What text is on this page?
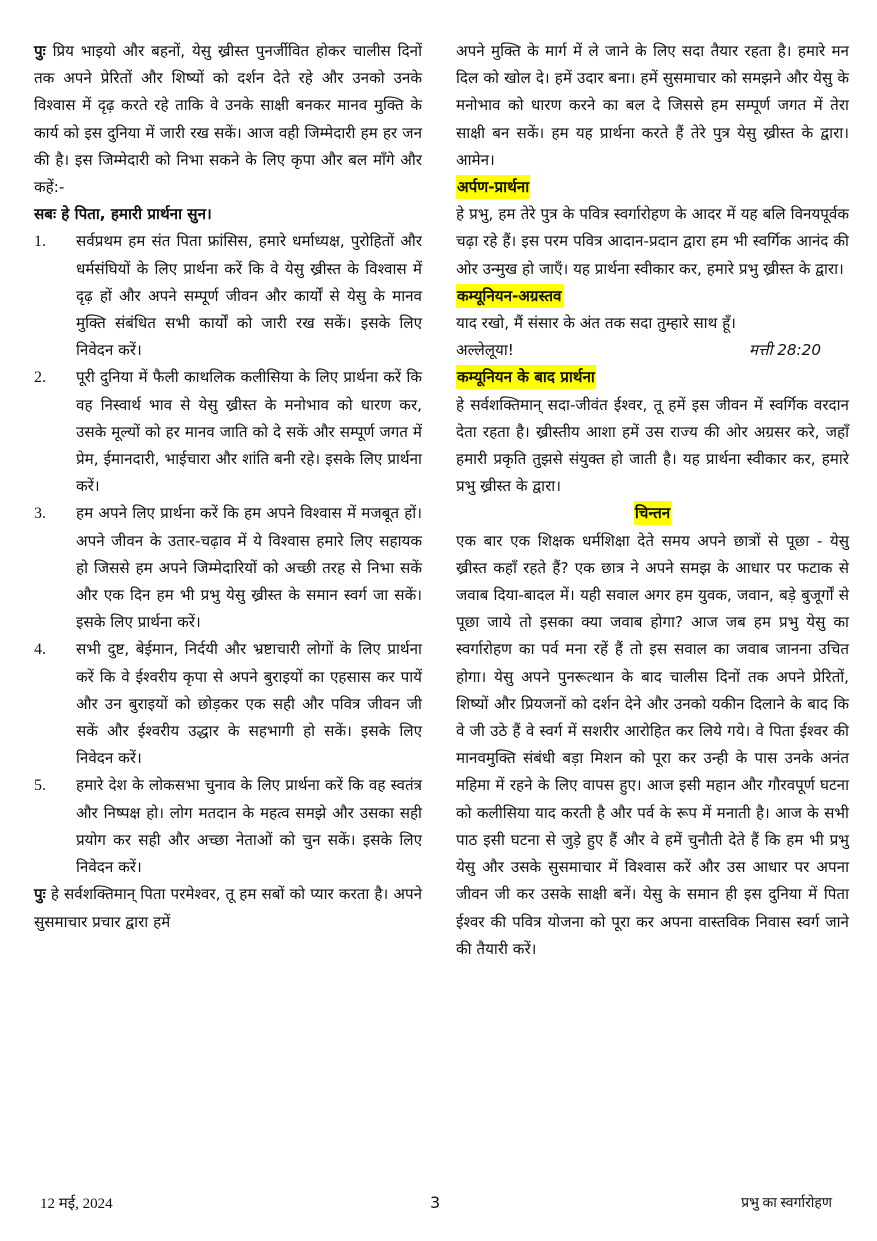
पुः प्रिय भाइयो और बहनों, येसु ख्रीस्त पुनर्जीवित होकर चालीस दिनों तक अपने प्रेरितों और शिष्यों को दर्शन देते रहे और उनको उनके विश्वास में दृढ़ करते रहे ताकि वे उनके साक्षी बनकर मानव मुक्ति के कार्य को इस दुनिया में जारी रख सकें। आज वही जिम्मेदारी हम हर जन की है। इस जिम्मेदारी को निभा सकने के लिए कृपा और बल माँगे और कहें:-

सबः हे पिता, हमारी प्रार्थना सुन।

1. सर्वप्रथम हम संत पिता फ्रांसिस, हमारे धर्माध्यक्ष, पुरोहितों और धर्मसंघियों के लिए प्रार्थना करें कि वे येसु ख्रीस्त के विश्वास में दृढ़ हों और अपने सम्पूर्ण जीवन और कार्यों से येसु के मानव मुक्ति संबंधित सभी कार्यों को जारी रख सकें। इसके लिए निवेदन करें।
2. पूरी दुनिया में फैली काथलिक कलीसिया के लिए प्रार्थना करें कि वह निस्वार्थ भाव से येसु ख्रीस्त के मनोभाव को धारण कर, उसके मूल्यों को हर मानव जाति को दे सकें और सम्पूर्ण जगत में प्रेम, ईमानदारी, भाईचारा और शांति बनी रहे। इसके लिए प्रार्थना करें।
3. हम अपने लिए प्रार्थना करें कि हम अपने विश्वास में मजबूत हों। अपने जीवन के उतार-चढ़ाव में ये विश्वास हमारे लिए सहायक हो जिससे हम अपने जिम्मेदारियों को अच्छी तरह से निभा सकें और एक दिन हम भी प्रभु येसु ख्रीस्त के समान स्वर्ग जा सकें। इसके लिए प्रार्थना करें।
4. सभी दुष्ट, बेईमान, निर्दयी और भ्रष्टाचारी लोगों के लिए प्रार्थना करें कि वे ईश्वरीय कृपा से अपने बुराइयों का एहसास कर पायें और उन बुराइयों को छोड़कर एक सही और पवित्र जीवन जी सकें और ईश्वरीय उद्धार के सहभागी हो सकें। इसके लिए निवेदन करें।
5. हमारे देश के लोकसभा चुनाव के लिए प्रार्थना करें कि वह स्वतंत्र और निष्पक्ष हो। लोग मतदान के महत्व समझे और उसका सही प्रयोग कर सही और अच्छा नेताओं को चुन सकें। इसके लिए निवेदन करें।

पुः हे सर्वशक्तिमान् पिता परमेश्वर, तू हम सबों को प्यार करता है। अपने सुसमाचार प्रचार द्वारा हमें

अपने मुक्ति के मार्ग में ले जाने के लिए सदा तैयार रहता है। हमारे मन दिल को खोल दे। हमें उदार बना। हमें सुसमाचार को समझने और येसु के मनोभाव को धारण करने का बल दे जिससे हम सम्पूर्ण जगत में तेरा साक्षी बन सकें। हम यह प्रार्थना करते हैं तेरे पुत्र येसु ख्रीस्त के द्वारा। आमेन।

अर्पण-प्रार्थना

हे प्रभु, हम तेरे पुत्र के पवित्र स्वर्गारोहण के आदर में यह बलि विनयपूर्वक चढ़ा रहे हैं। इस परम पवित्र आदान-प्रदान द्वारा हम भी स्वर्गिक आनंद की ओर उन्मुख हो जाएँ। यह प्रार्थना स्वीकार कर, हमारे प्रभु ख्रीस्त के द्वारा।

कम्यूनियन-अग्रस्तव

याद रखो, मैं संसार के अंत तक सदा तुम्हारे साथ हूँ।

अल्लेलूया!	मत्ती 28:20
कम्यूनियन के बाद प्रार्थना

हे सर्वशक्तिमान् सदा-जीवंत ईश्वर, तू हमें इस जीवन में स्वर्गिक वरदान देता रहता है। ख्रीस्तीय आशा हमें उस राज्य की ओर अग्रसर करे, जहाँ हमारी प्रकृति तुझसे संयुक्त हो जाती है। यह प्रार्थना स्वीकार कर, हमारे प्रभु ख्रीस्त के द्वारा।

चिन्तन

एक बार एक शिक्षक धर्मशिक्षा देते समय अपने छात्रों से पूछा - येसु ख्रीस्त कहाँ रहते हैं? एक छात्र ने अपने समझ के आधार पर फटाक से जवाब दिया-बादल में। यही सवाल अगर हम युवक, जवान, बड़े बुजूर्गों से पूछा जाये तो इसका क्या जवाब होगा? आज जब हम प्रभु येसु का स्वर्गारोहण का पर्व मना रहें हैं तो इस सवाल का जवाब जानना उचित होगा। येसु अपने पुनरूत्थान के बाद चालीस दिनों तक अपने प्रेरितों, शिष्यों और प्रियजनों को दर्शन देने और उनको यकीन दिलाने के बाद कि वे जी उठे हैं वे स्वर्ग में सशरीर आरोहित कर लिये गये। वे पिता ईश्वर की मानवमुक्ति संबंधी बड़ा मिशन को पूरा कर उन्ही के पास उनके अनंत महिमा में रहने के लिए वापस हुए। आज इसी महान और गौरवपूर्ण घटना को कलीसिया याद करती है और पर्व के रूप में मनाती है। आज के सभी पाठ इसी घटना से जुड़े हुए हैं और वे हमें चुनौती देते हैं कि हम भी प्रभु येसु और उसके सुसमाचार में विश्वास करें और उस आधार पर अपना जीवन जी कर उसके साक्षी बनें। येसु के समान ही इस दुनिया में पिता ईश्वर की पवित्र योजना को पूरा कर अपना वास्तविक निवास स्वर्ग जाने की तैयारी करें।

12 मई, 2024	3	प्रभु का स्वर्गारोहण
